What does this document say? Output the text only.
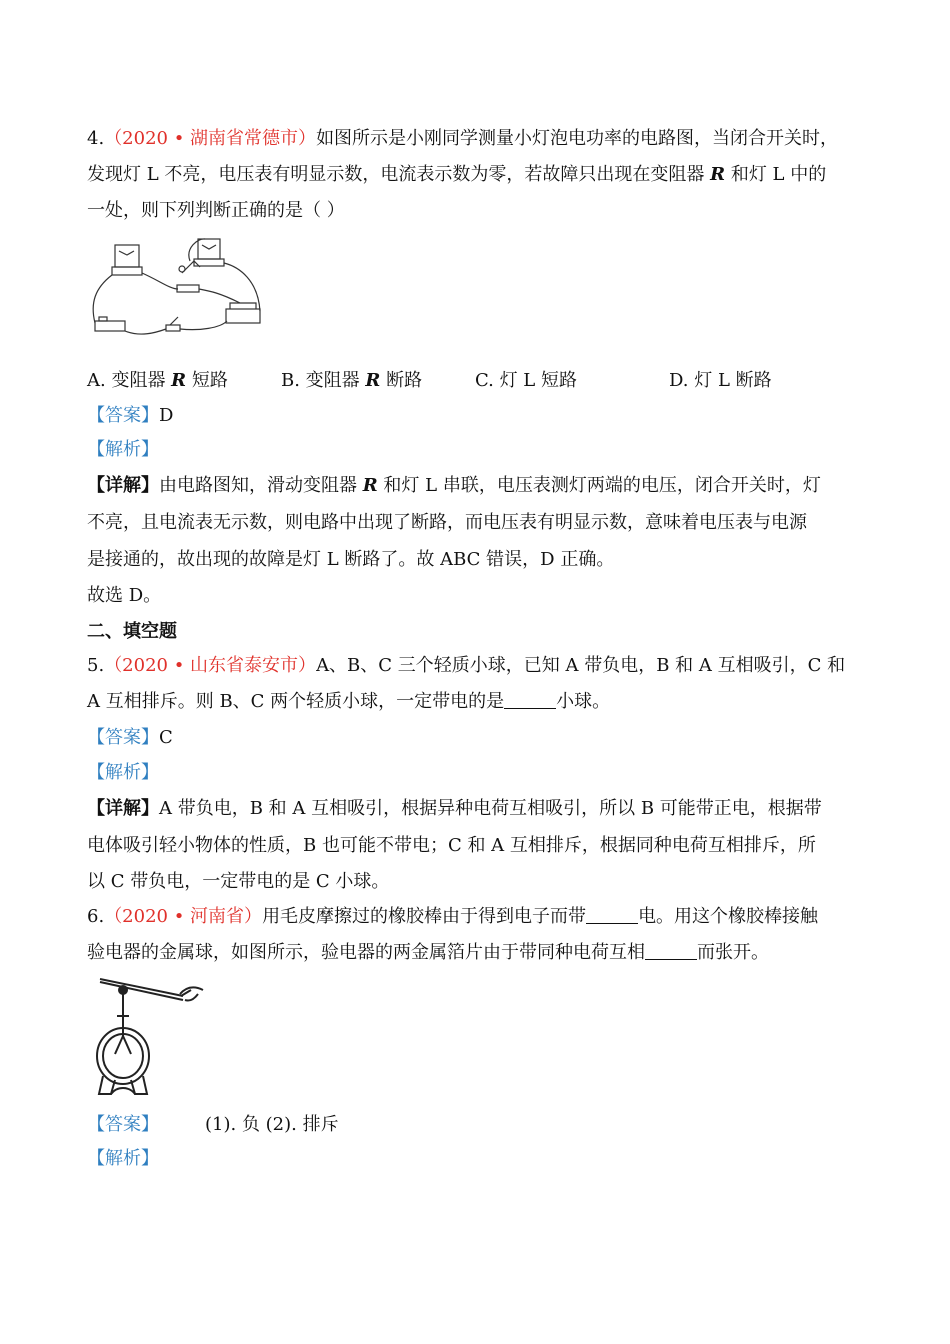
4.（2020 • 湖南省常德市）如图所示是小刚同学测量小灯泡电功率的电路图，当闭合开关时，
发现灯 L 不亮，电压表有明显示数，电流表示数为零，若故障只出现在变阻器 R 和灯 L 中的
一处，则下列判断正确的是（ ）
A. 变阻器 R 短路	B. 变阻器 R 断路	C. 灯 L 短路	D. 灯 L 断路
【答案】D
【解析】
【详解】由电路图知，滑动变阻器 R 和灯 L 串联，电压表测灯两端的电压，闭合开关时，灯
不亮，且电流表无示数，则电路中出现了断路，而电压表有明显示数，意味着电压表与电源
是接通的，故出现的故障是灯 L 断路了。故 ABC 错误，D 正确。
故选 D。
二、填空题
5.（2020 • 山东省泰安市）A、B、C 三个轻质小球，已知 A 带负电，B 和 A 互相吸引，C 和
A 互相排斥。则 B、C 两个轻质小球，一定带电的是	小球。
【答案】C
【解析】
【详解】A 带负电，B 和 A 互相吸引，根据异种电荷互相吸引，所以 B 可能带正电，根据带
电体吸引轻小物体的性质，B 也可能不带电；C 和 A 互相排斥，根据同种电荷互相排斥，所
以 C 带负电，一定带电的是 C 小球。
6.（2020 • 河南省）用毛皮摩擦过的橡胶棒由于得到电子而带	电。用这个橡胶棒接触
验电器的金属球，如图所示，验电器的两金属箔片由于带同种电荷互相	而张开。
【答案】	(1). 负 (2). 排斥
【解析】
